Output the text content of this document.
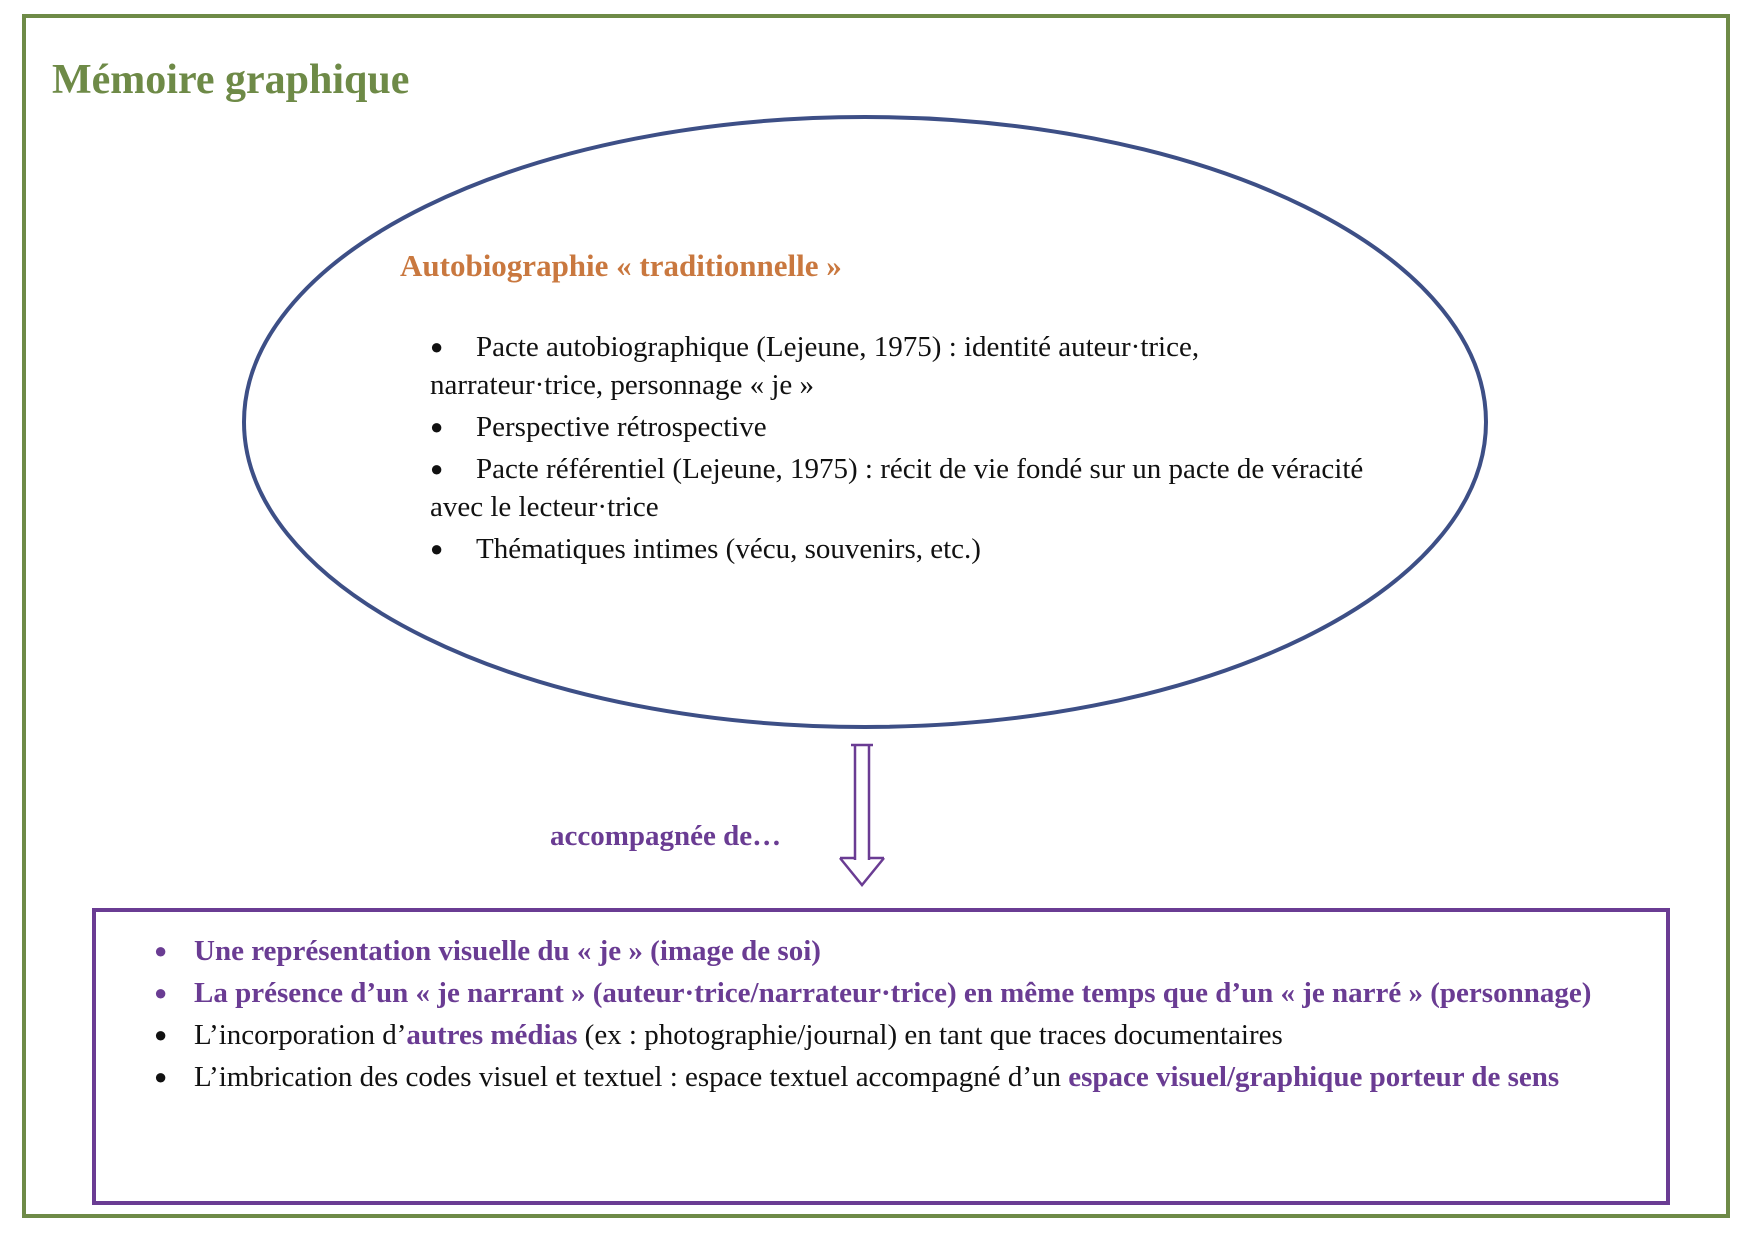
Mémoire graphique
Autobiographie « traditionnelle »
● Pacte autobiographique (Lejeune, 1975) : identité auteur·trice, narrateur·trice, personnage « je »
● Perspective rétrospective
● Pacte référentiel (Lejeune, 1975) : récit de vie fondé sur un pacte de véracité avec le lecteur·trice
● Thématiques intimes (vécu, souvenirs, etc.)
accompagnée de…
● Une représentation visuelle du « je » (image de soi)
● La présence d’un « je narrant » (auteur·trice/narrateur·trice) en même temps que d’un « je narré » (personnage)
● L’incorporation d’autres médias (ex : photographie/journal) en tant que traces documentaires
● L’imbrication des codes visuel et textuel : espace textuel accompagné d’un espace visuel/graphique porteur de sens
